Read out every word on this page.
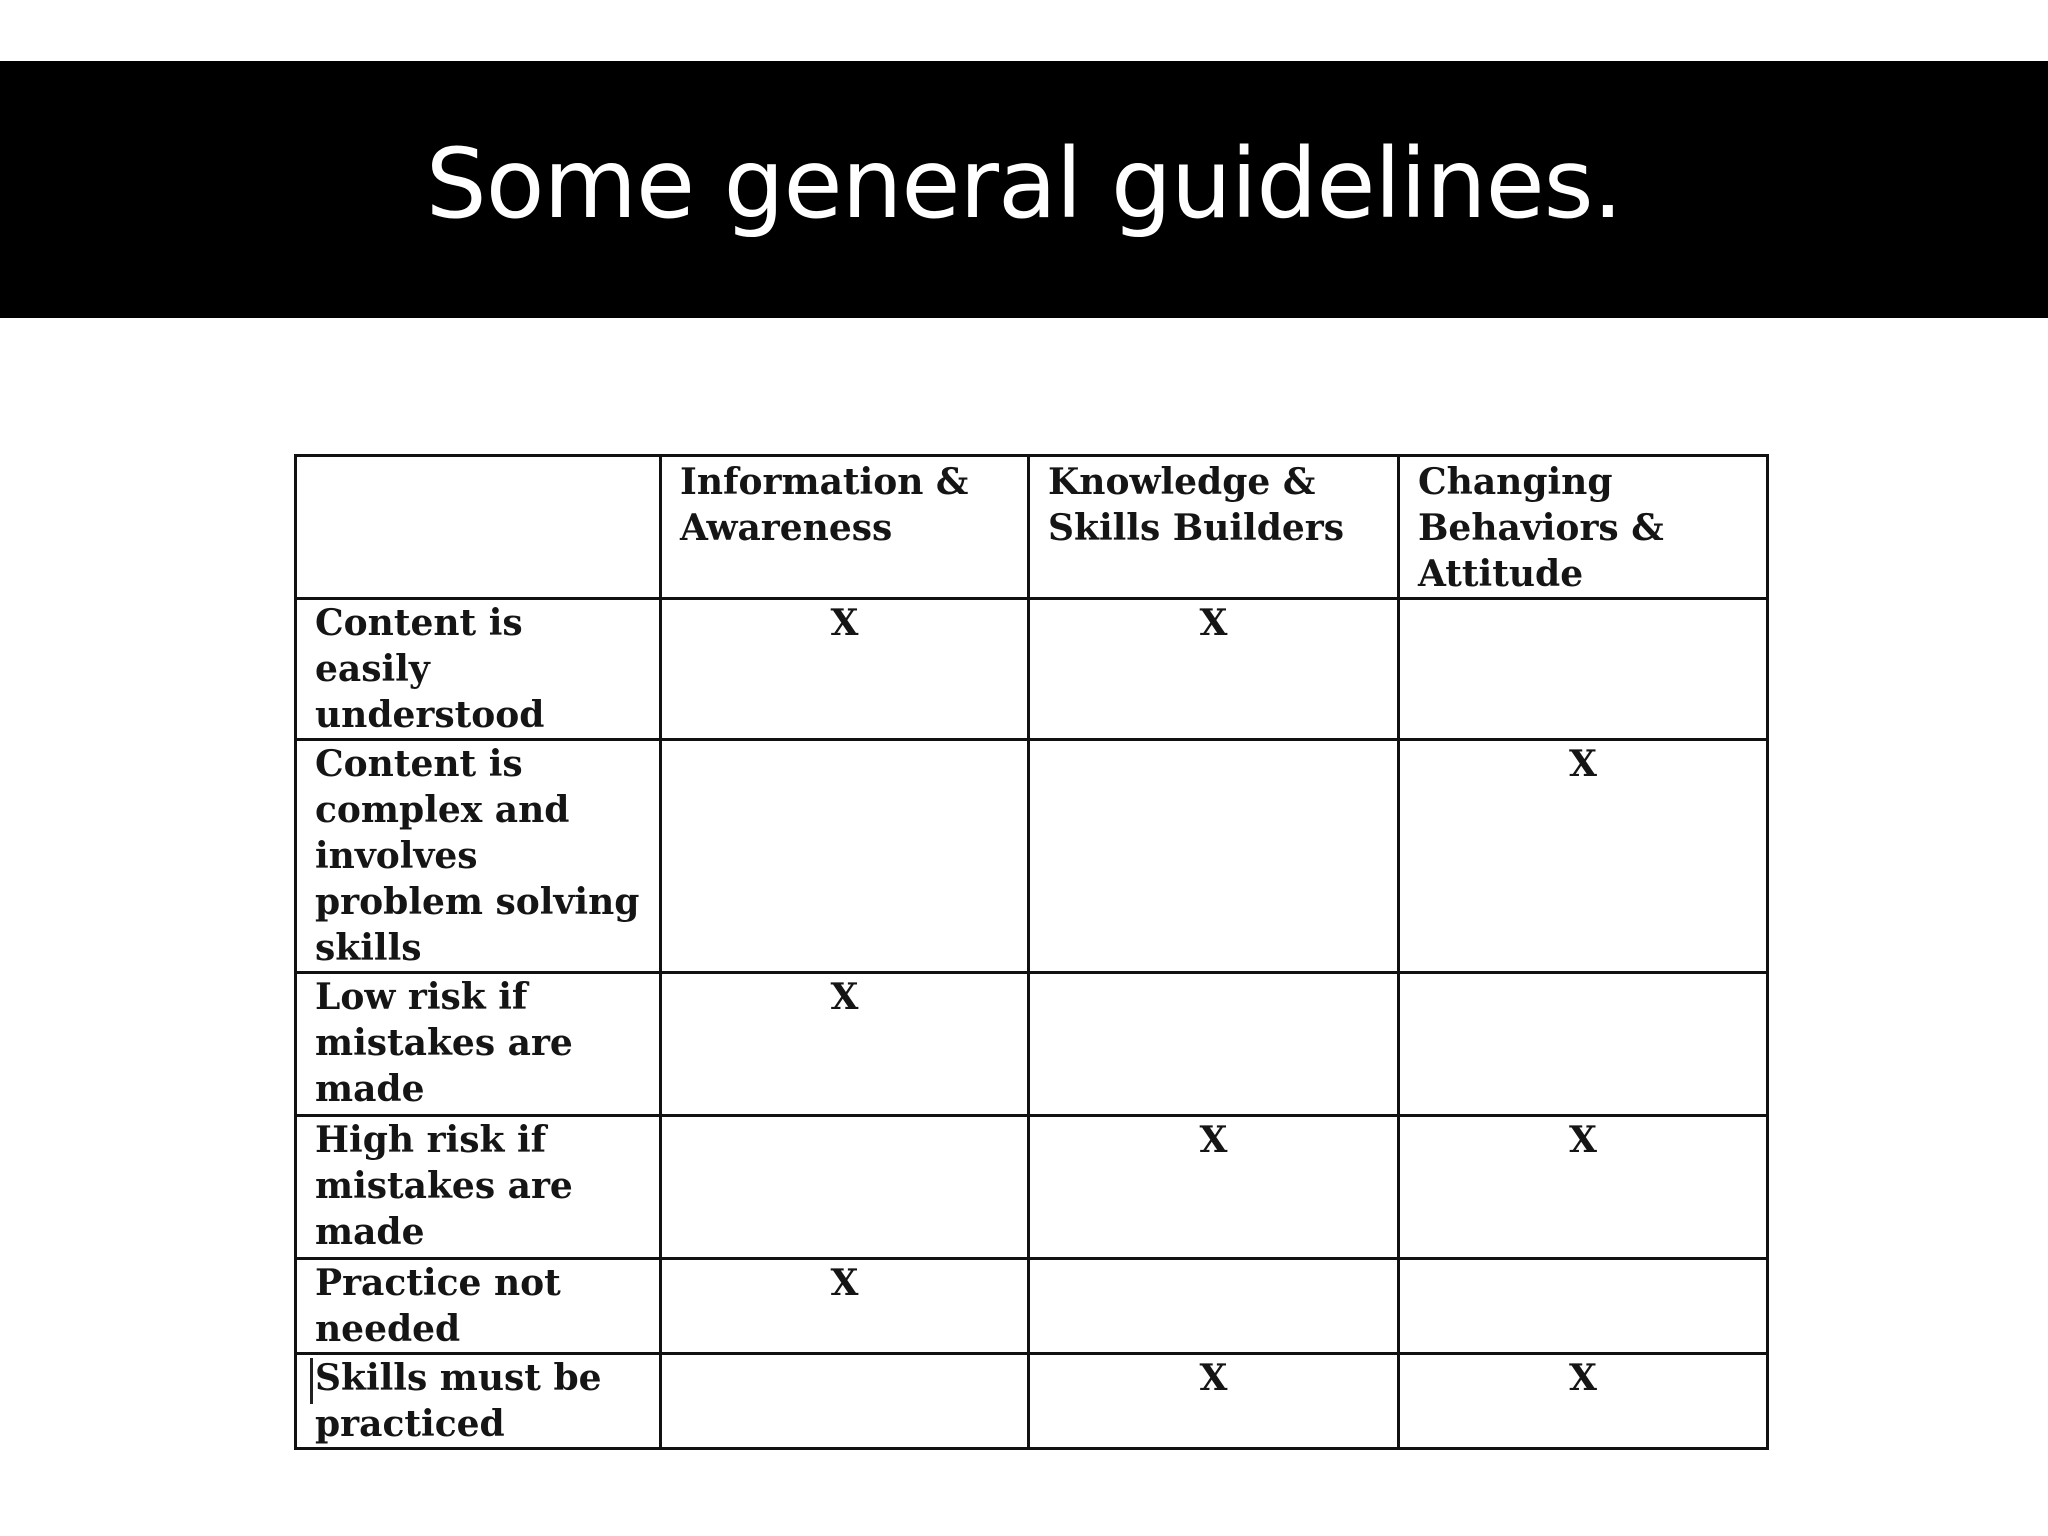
Some general guidelines.
	Information & Awareness	Knowledge & Skills Builders	Changing Behaviors & Attitude
Content is easily understood	X	X	
Content is complex and involves problem solving skills			X
Low risk if mistakes are made	X		
High risk if mistakes are made		X	X
Practice not needed	X		
Skills must be practiced		X	X
